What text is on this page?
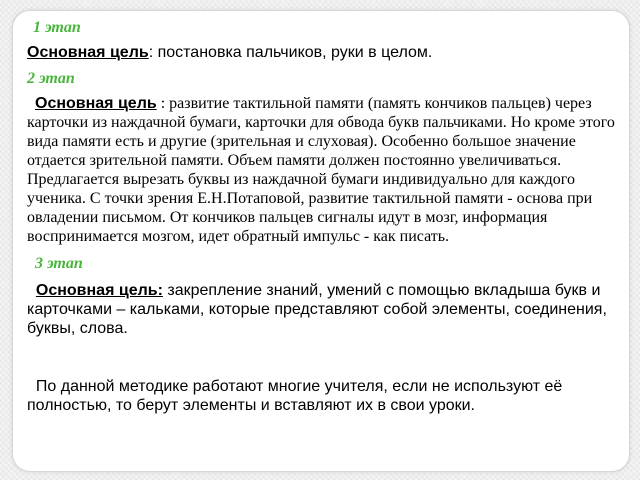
1 этап

Основная цель: постановка пальчиков, руки в целом.

2 этап

Основная цель : развитие тактильной памяти (память кончиков пальцев) через карточки из наждачной бумаги, карточки для обвода букв пальчиками. Но кроме этого вида памяти есть и другие (зрительная и слуховая). Особенно большое значение отдается зрительной памяти. Объем памяти должен постоянно увеличиваться. Предлагается вырезать буквы из наждачной бумаги индивидуально для каждого ученика. С точки зрения Е.Н.Потаповой, развитие тактильной памяти - основа при овладении письмом. От кончиков пальцев сигналы идут в мозг, информация воспринимается мозгом, идет обратный импульс - как писать.

3 этап

Основная цель: закрепление знаний, умений с помощью вкладыша букв и карточками – кальками, которые представляют собой элементы, соединения, буквы, слова.

По данной методике работают многие учителя, если не используют её полностью, то берут элементы и вставляют их в свои уроки.
